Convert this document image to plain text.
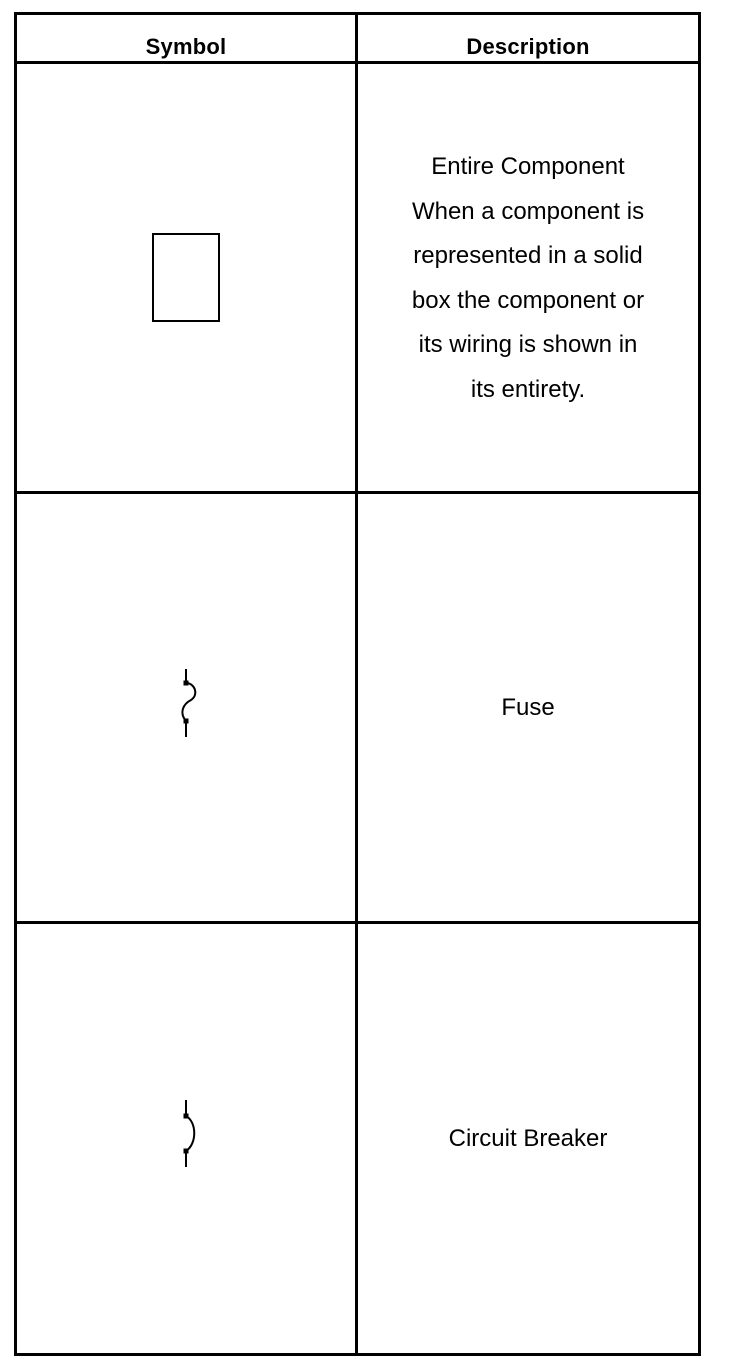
Symbol	Description
Entire Component
When a component is
represented in a solid
box the component or
its wiring is shown in
its entirety.
Fuse
Circuit Breaker
